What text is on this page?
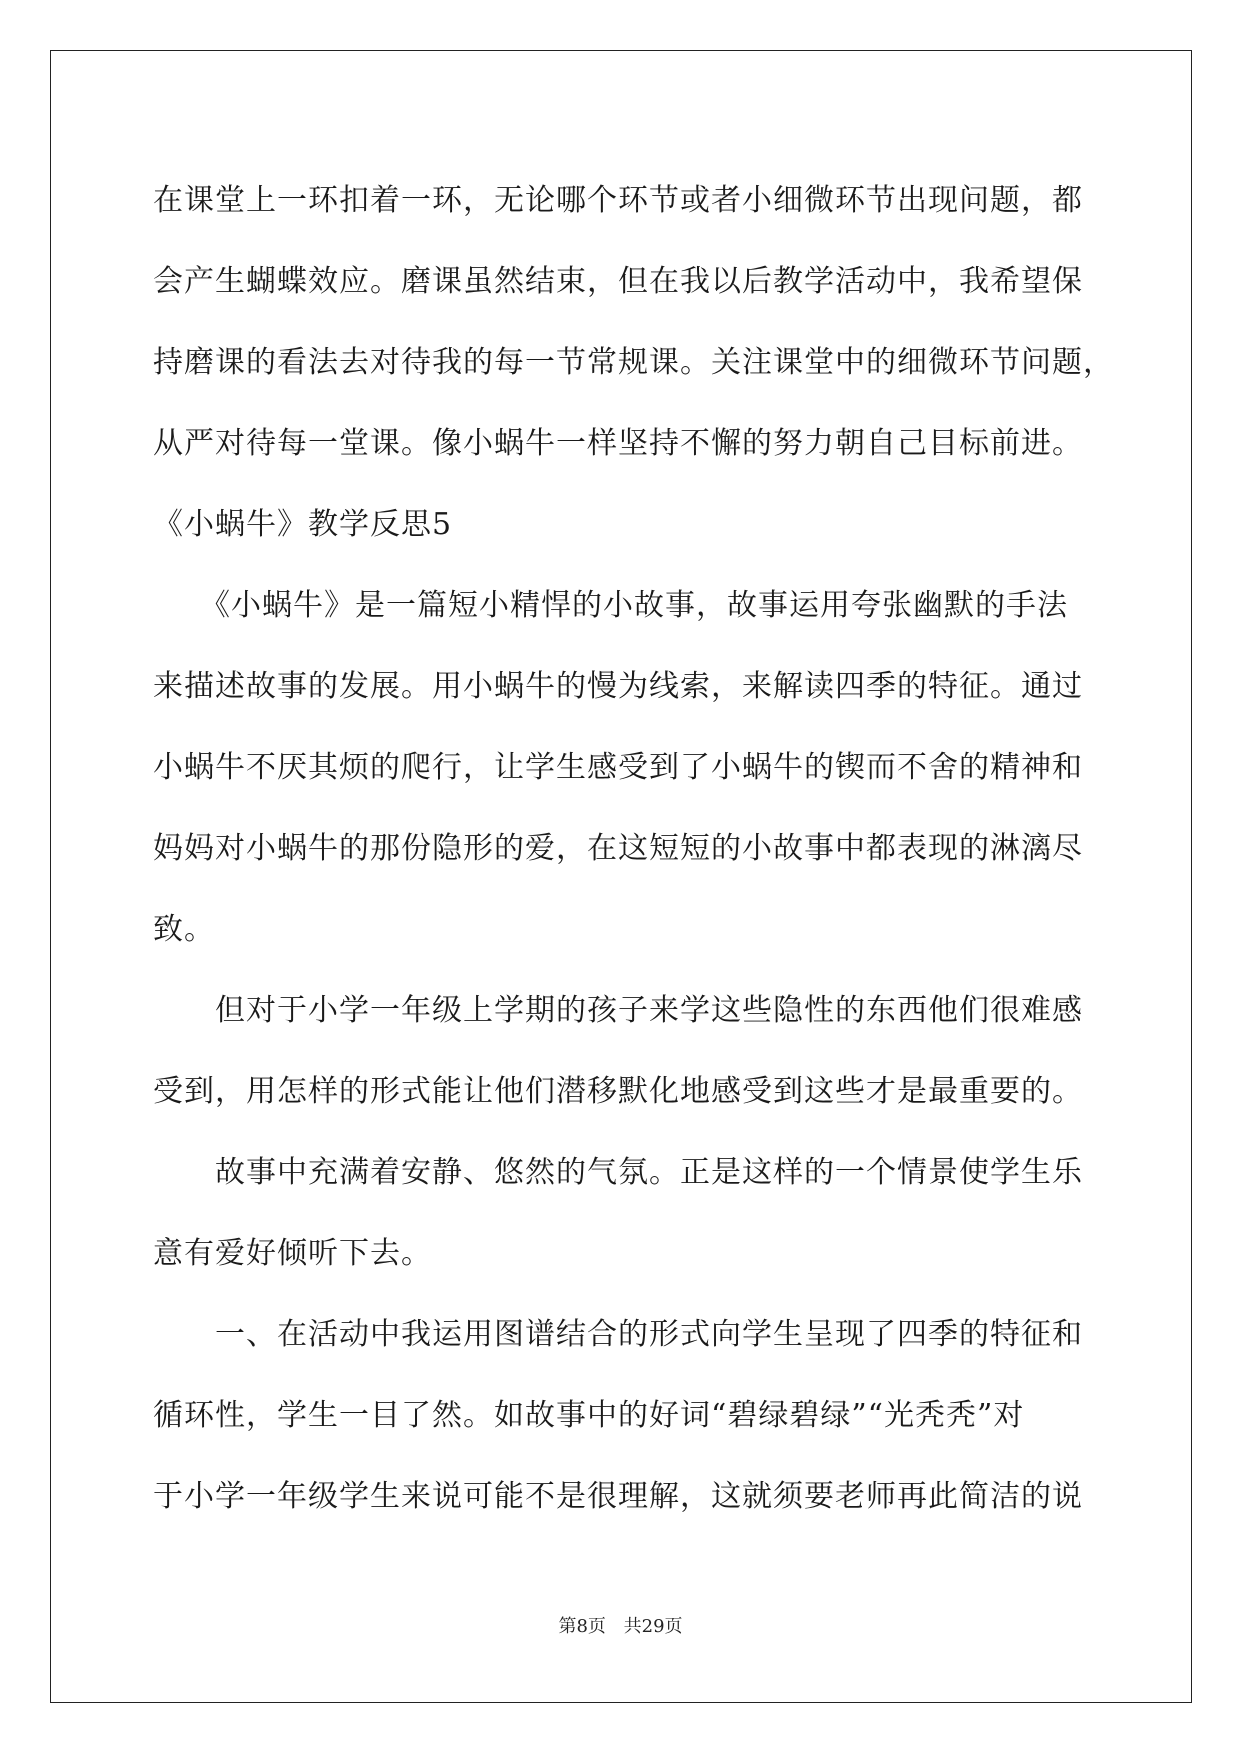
在课堂上一环扣着一环，无论哪个环节或者小细微环节出现问题，都
会产生蝴蝶效应。磨课虽然结束，但在我以后教学活动中，我希望保
持磨课的看法去对待我的每一节常规课。关注课堂中的细微环节问题，
从严对待每一堂课。像小蜗牛一样坚持不懈的努力朝自己目标前进。
《小蜗牛》教学反思5
　　《小蜗牛》是一篇短小精悍的小故事，故事运用夸张幽默的手法
来描述故事的发展。用小蜗牛的慢为线索，来解读四季的特征。通过
小蜗牛不厌其烦的爬行，让学生感受到了小蜗牛的锲而不舍的精神和
妈妈对小蜗牛的那份隐形的爱，在这短短的小故事中都表现的淋漓尽
致。
　　但对于小学一年级上学期的孩子来学这些隐性的东西他们很难感
受到，用怎样的形式能让他们潜移默化地感受到这些才是最重要的。
　　故事中充满着安静、悠然的气氛。正是这样的一个情景使学生乐
意有爱好倾听下去。
　　一、在活动中我运用图谱结合的形式向学生呈现了四季的特征和
循环性，学生一目了然。如故事中的好词“碧绿碧绿”“光秃秃”对
于小学一年级学生来说可能不是很理解，这就须要老师再此简洁的说
第8页 共29页
